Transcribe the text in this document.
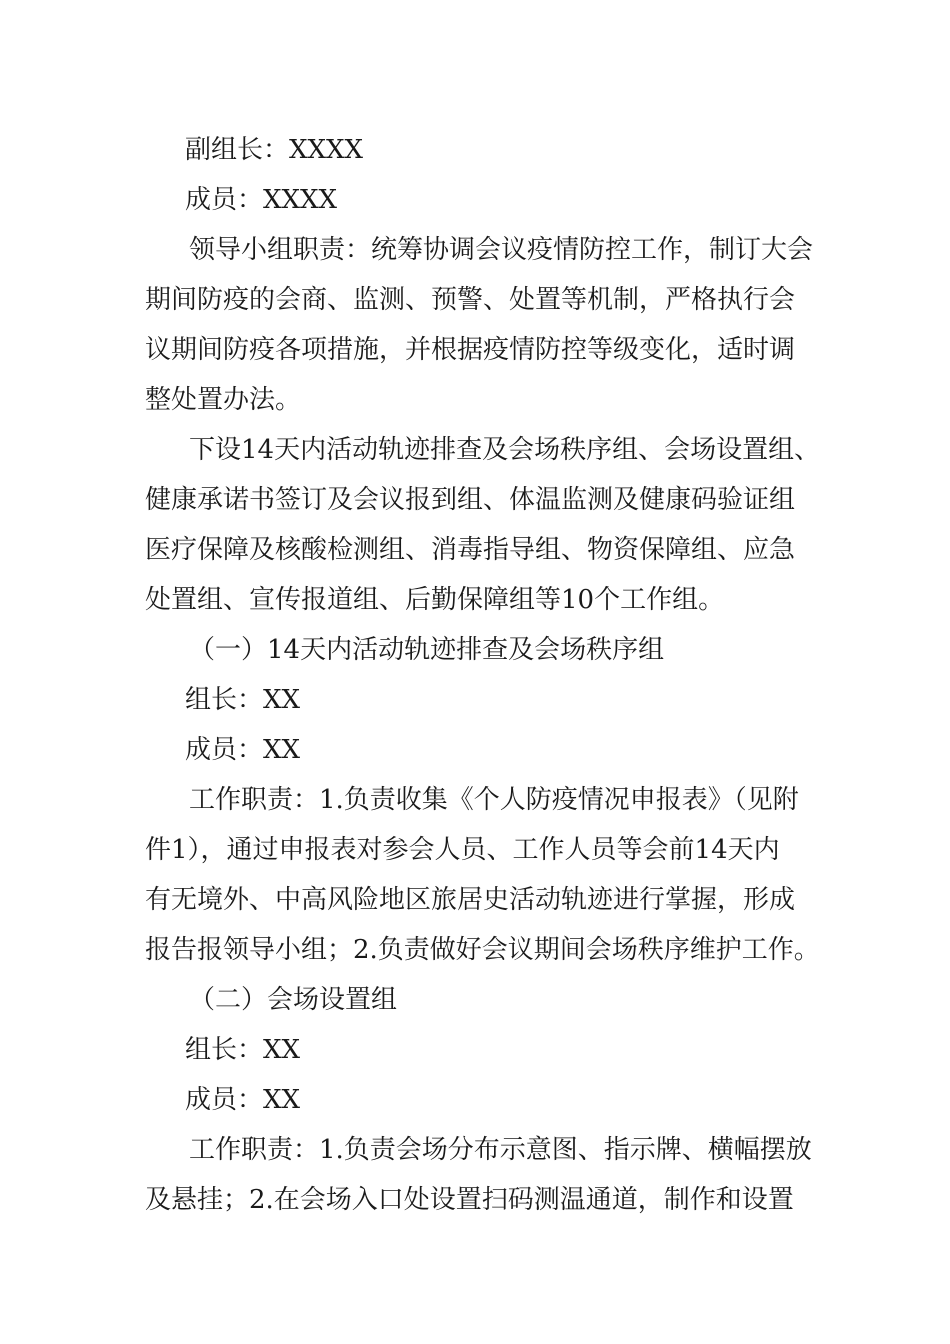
副组长：XXXX
成员：XXXX
领导小组职责：统筹协调会议疫情防控工作，制订大会
期间防疫的会商、监测、预警、处置等机制，严格执行会
议期间防疫各项措施，并根据疫情防控等级变化，适时调
整处置办法。
下设14天内活动轨迹排查及会场秩序组、会场设置组、
健康承诺书签订及会议报到组、体温监测及健康码验证组
医疗保障及核酸检测组、消毒指导组、物资保障组、应急
处置组、宣传报道组、后勤保障组等10个工作组。
（一）14天内活动轨迹排查及会场秩序组
组长：XX
成员：XX
工作职责：1.负责收集《个人防疫情况申报表》（见附
件1），通过申报表对参会人员、工作人员等会前14天内
有无境外、中高风险地区旅居史活动轨迹进行掌握，形成
报告报领导小组；2.负责做好会议期间会场秩序维护工作。
（二）会场设置组
组长：XX
成员：XX
工作职责：1.负责会场分布示意图、指示牌、横幅摆放
及悬挂；2.在会场入口处设置扫码测温通道，制作和设置
